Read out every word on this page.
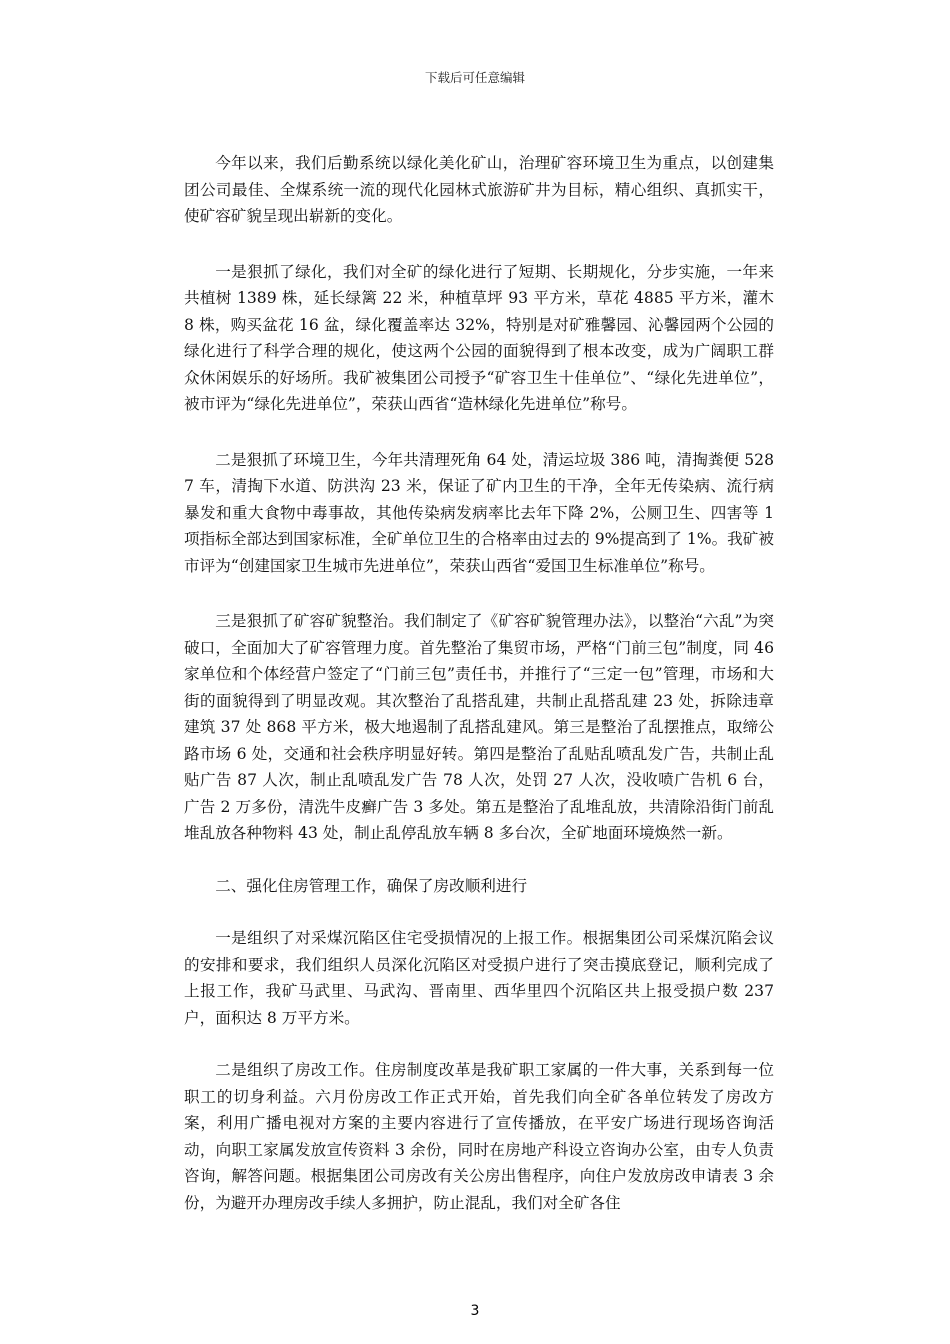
下载后可任意编辑

今年以来，我们后勤系统以绿化美化矿山，治理矿容环境卫生为重点，以创建集团公司最佳、全煤系统一流的现代化园林式旅游矿井为目标，精心组织、真抓实干，使矿容矿貌呈现出崭新的变化。

一是狠抓了绿化，我们对全矿的绿化进行了短期、长期规化，分步实施，一年来共植树 1389 株，延长绿篱 22 米，种植草坪 93 平方米，草花 4885 平方米，灌木 8 株，购买盆花 16 盆，绿化覆盖率达 32%，特别是对矿雅馨园、沁馨园两个公园的绿化进行了科学合理的规化，使这两个公园的面貌得到了根本改变，成为广阔职工群众休闲娱乐的好场所。我矿被集团公司授予“矿容卫生十佳单位”、“绿化先进单位”，被市评为“绿化先进单位”，荣获山西省“造林绿化先进单位”称号。

二是狠抓了环境卫生，今年共清理死角 64 处，清运垃圾 386 吨，清掏粪便 5287 车，清掏下水道、防洪沟 23 米，保证了矿内卫生的干净，全年无传染病、流行病暴发和重大食物中毒事故，其他传染病发病率比去年下降 2%，公厕卫生、四害等 1 项指标全部达到国家标准，全矿单位卫生的合格率由过去的 9%提高到了 1%。我矿被市评为“创建国家卫生城市先进单位”，荣获山西省“爱国卫生标准单位”称号。

三是狠抓了矿容矿貌整治。我们制定了《矿容矿貌管理办法》，以整治“六乱”为突破口，全面加大了矿容管理力度。首先整治了集贸市场，严格“门前三包”制度，同 46 家单位和个体经营户签定了“门前三包”责任书，并推行了“三定一包”管理，市场和大街的面貌得到了明显改观。其次整治了乱搭乱建，共制止乱搭乱建 23 处，拆除违章建筑 37 处 868 平方米，极大地遏制了乱搭乱建风。第三是整治了乱摆推点，取缔公路市场 6 处，交通和社会秩序明显好转。第四是整治了乱贴乱喷乱发广告，共制止乱贴广告 87 人次，制止乱喷乱发广告 78 人次，处罚 27 人次，没收喷广告机 6 台，广告 2 万多份，清洗牛皮癣广告 3 多处。第五是整治了乱堆乱放，共清除沿街门前乱堆乱放各种物料 43 处，制止乱停乱放车辆 8 多台次，全矿地面环境焕然一新。

二、强化住房管理工作，确保了房改顺利进行

一是组织了对采煤沉陷区住宅受损情况的上报工作。根据集团公司采煤沉陷会议的安排和要求，我们组织人员深化沉陷区对受损户进行了突击摸底登记，顺利完成了上报工作，我矿马武里、马武沟、晋南里、西华里四个沉陷区共上报受损户数 237 户，面积达 8 万平方米。

二是组织了房改工作。住房制度改革是我矿职工家属的一件大事，关系到每一位职工的切身利益。六月份房改工作正式开始，首先我们向全矿各单位转发了房改方案，利用广播电视对方案的主要内容进行了宣传播放，在平安广场进行现场咨询活动，向职工家属发放宣传资料 3 余份，同时在房地产科设立咨询办公室，由专人负责咨询，解答问题。根据集团公司房改有关公房出售程序，向住户发放房改申请表 3 余份，为避开办理房改手续人多拥护，防止混乱，我们对全矿各住

3
